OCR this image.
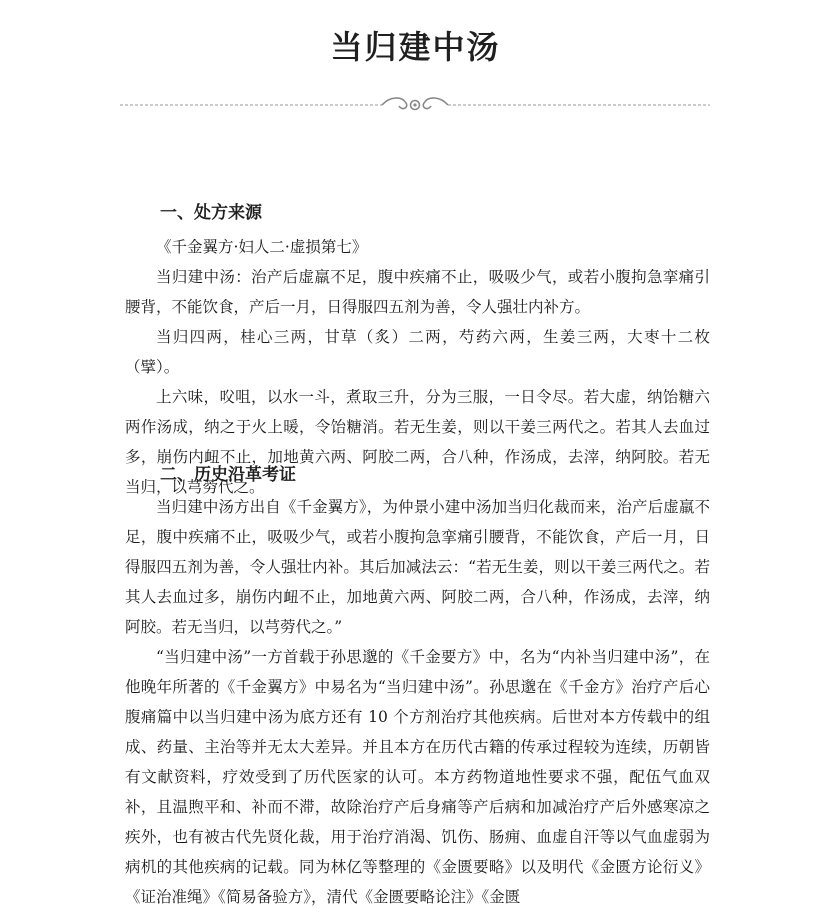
当归建中汤
一、处方来源

《千金翼方·妇人二·虚损第七》

当归建中汤：治产后虚羸不足，腹中疾痛不止，吸吸少气，或若小腹拘急挛痛引腰背，不能饮食，产后一月，日得服四五剂为善，令人强壮内补方。

当归四两，桂心三两，甘草（炙）二两，芍药六两，生姜三两，大枣十二枚（擘）。

上六味，㕮咀，以水一斗，煮取三升，分为三服，一日令尽。若大虚，纳饴糖六两作汤成，纳之于火上暖，令饴糖消。若无生姜，则以干姜三两代之。若其人去血过多，崩伤内衄不止，加地黄六两、阿胶二两，合八种，作汤成，去滓，纳阿胶。若无当归，以芎䓖代之。

二、历史沿革考证

当归建中汤方出自《千金翼方》，为仲景小建中汤加当归化裁而来，治产后虚羸不足，腹中疾痛不止，吸吸少气，或若小腹拘急挛痛引腰背，不能饮食，产后一月，日得服四五剂为善，令人强壮内补。其后加减法云：“若无生姜，则以干姜三两代之。若其人去血过多，崩伤内衄不止，加地黄六两、阿胶二两，合八种，作汤成，去滓，纳阿胶。若无当归，以芎䓖代之。”

“当归建中汤”一方首载于孙思邈的《千金要方》中，名为“内补当归建中汤”，在他晚年所著的《千金翼方》中易名为“当归建中汤”。孙思邈在《千金方》治疗产后心腹痛篇中以当归建中汤为底方还有 10 个方剂治疗其他疾病。后世对本方传载中的组成、药量、主治等并无太大差异。并且本方在历代古籍的传承过程较为连续，历朝皆有文献资料，疗效受到了历代医家的认可。本方药物道地性要求不强，配伍气血双补，且温煦平和、补而不滞，故除治疗产后身痛等产后病和加减治疗产后外感寒凉之疾外，也有被古代先贤化裁，用于治疗消渴、饥伤、肠痈、血虚自汗等以气血虚弱为病机的其他疾病的记载。同为林亿等整理的《金匮要略》以及明代《金匮方论衍义》《证治准绳》《简易备验方》，清代《金匮要略论注》《金匮
